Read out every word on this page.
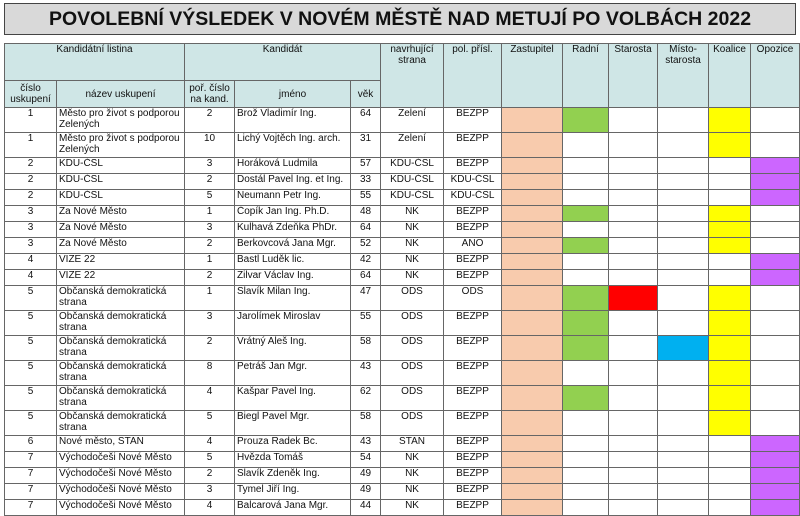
POVOLEBNÍ VÝSLEDEK V NOVÉM MĚSTĚ NAD METUJÍ PO VOLBÁCH 2022
Kandidátní listina		Kandidát			navrhující strana	pol. přísl.	Zastupitel	Radní	Starosta	Místo-starosta	Koalice	Opozice
číslo uskupení	název uskupení	poř. číslo na kand.	jméno	věk								
1	Město pro život s podporou Zelených	2	Brož Vladimír Ing.	64	Zelení	BEZPP						
1	Město pro život s podporou Zelených	10	Lichý Vojtěch Ing. arch.	31	Zelení	BEZPP						
2	KDU-ČSL	3	Horáková Ludmila	57	KDU-ČSL	BEZPP						
2	KDU-ČSL	2	Dostál Pavel Ing. et Ing.	33	KDU-ČSL	KDU-ČSL						
2	KDU-ČSL	5	Neumann Petr Ing.	55	KDU-ČSL	KDU-ČSL						
3	Za Nové Město	1	Čopík Jan Ing. Ph.D.	48	NK	BEZPP						
3	Za Nové Město	3	Kulhavá Zdeňka PhDr.	64	NK	BEZPP						
3	Za Nové Město	2	Berkovcová Jana Mgr.	52	NK	ANO						
4	VIZE 22	1	Bastl Luděk lic.	42	NK	BEZPP						
4	VIZE 22	2	Zilvar Václav Ing.	64	NK	BEZPP						
5	Občanská demokratická strana	1	Slavík Milan Ing.	47	ODS	ODS						
5	Občanská demokratická strana	3	Jarolímek Miroslav	55	ODS	BEZPP						
5	Občanská demokratická strana	2	Vrátný Aleš Ing.	58	ODS	BEZPP						
5	Občanská demokratická strana	8	Petráš Jan Mgr.	43	ODS	BEZPP						
5	Občanská demokratická strana	4	Kašpar Pavel Ing.	62	ODS	BEZPP						
5	Občanská demokratická strana	5	Biegl Pavel Mgr.	58	ODS	BEZPP						
6	Nové město, STAN	4	Prouza Radek Bc.	43	STAN	BEZPP						
7	Východočeši Nové Město	5	Hvězda Tomáš	54	NK	BEZPP						
7	Východočeši Nové Město	2	Slavík Zdeněk Ing.	49	NK	BEZPP						
7	Východočeši Nové Město	3	Tymel Jiří Ing.	49	NK	BEZPP						
7	Východočeši Nové Město	4	Balcarová Jana Mgr.	44	NK	BEZPP						
